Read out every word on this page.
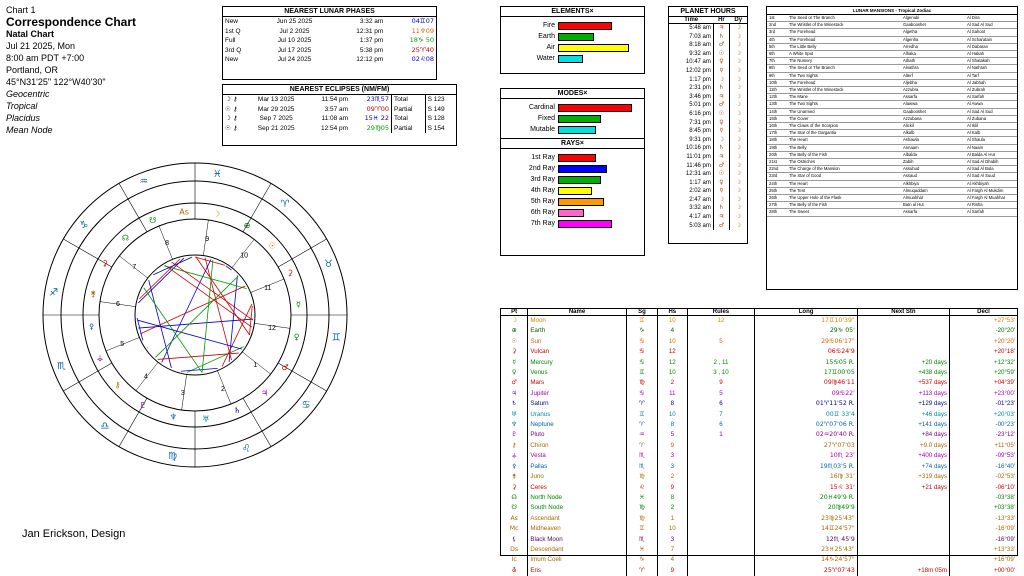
Chart 1
Correspondence Chart
Natal Chart
Jul 21 2025, Mon
8:00 am PDT +7:00
Portland, OR
45°N31'25" 122°W40'30"
Geocentric
Tropical
Placidus
Mean Node
Jan Erickson, Design
NEAREST LUNAR PHASES
New	Jun 25 2025	3:32 am	04♊07
1st Q	Jul 2 2025	12:31 pm	11♆09
Full	Jul 10 2025	1:37 pm	18♑ 50
3rd Q	Jul 17 2025	5:38 pm	25♈40
New	Jul 24 2025	12:12 pm	02♌08
NEAREST ECLIPSES (NM/FM)
☽ ⚷	Mar 13 2025	11:54 pm	23♏57	Total	S 123
☉ ⚷	Mar 29 2025	3:57 am	09♈00	Partial	S 149
☽ ⚷	Sep 7 2025	11:08 am	15♓ 22	Total	S 128
☉ ⚷	Sep 21 2025	12:54 pm	29♍05	Partial	S 154
ELEMENTS×
Fire
Earth
Air
Water
MODES×
Cardinal
Fixed
Mutable
RAYS×
1st Ray
2nd Ray
3rd Ray
4th Ray
5th Ray
6th Ray
7th Ray
PLANET HOURS
Time	Hr	Dy
5:48 am	♃	☽
7:03 am	♄	☽
8:18 am	♂	☽
9:32 am	☉	☽
10:47 am	♀	☽
12:02 pm	☿	☽
1:17 pm	☽	☽
2:31 pm	♄	☽
3:46 pm	♃	☽
5:01 pm	♂	☽
6:16 pm	☉	☽
7:31 pm	♀	☽
8:45 pm	☿	☽
9:31 pm	☽	☽
10:16 pm	♄	☽
11:01 pm	♃	☽
11:46 pm	♂	☽
12:31 am	☉	☽
1:17 am	♀	☽
2:02 am	☿	☽
2:47 am	☽	☽
3:32 am	♄	☽
4:17 am	♃	☽
5:03 am	♂	☽
LUNAR MANSIONS - Tropical Zodiac
1st	The Seed or The Branch	Algenubi	Al Dira
2nd	The Wristlet of the Winestock	Gaabooshet	Al Sad Al Sud
3rd	The Forehead	Algetha	Al Sahoot
4th	The Forehead	Algenha	Al Scharatain
5th	The Little Belly	Arredha	Al Dabaran
6th	A White Spot	Alhaka	Al Hakah
7th	The Numery	Athath	Al Shatakah
8th	The Seed or The Branch	Alnathra	Al Nathrah
9th	The Two Sights	Alterf	Al Tarf
10th	The Forehead	Aljebha	Al Jabhah
11th	The Wristlet of the Winestock	Azzubra	Al Zubrah
12th	The Mane	Assarfa	Al Sarfah
13th	The Two Sights	Alawwa	Al Awwa
14th	The Unarmed	Gaabooshet	Al Sad Al Sud
15th	The Cover	Azzubana	Al Zubana
16th	The Claws of the Scorpion	Alickil	Al Iklil
17th	The Star of the Gargantia	Alkalb	Al Kalb
18th	The Heart	Ashawla	Al Shaula
19th	The Belly	Annaam	Al Naam
20th	The Belly of the Fish	Albalda	Al Balda Al Hut
21st	The Ostriches	Zabih	Al Sad Al Dhabih
22nd	The Charge of the Mansion	Assuhud	Al Sad Al Bula
23rd	The Star of Good	Assaud	Al Sad Al Suud
24th	The Heart	Alkhbiya	Al Akhbiyah
25th	The Tent	Almuqaddam	Al Fargh Al Mukdim
26th	The Upper Hole of the Flask	Almuahhar	Al Fargh Al Muahhar
27th	The Belly of the Fish	Batn al Hut	Al Risha
28th	The Sweet	Assarfa	Al Sarfah
Pt	Name	Sg	Hs	Rules	Long	Next Stn	Decl
☽	Moon	♊	10	12	17♊10'39"		+27°53'
⊕	Earth	♑	4		29♑ 05'		-20°20'
☉	Sun	♋	10	5	29♋06'17"		+20°20'
⚳	Vulcan	♋	12		06♋24'9		+20°18'
☿	Mercury	♋	12	2 , 11	15♋05 R.	+20 days	+12°32'
♀	Venus	♊	10	3 , 10	17♊00'05	+438 days	+20°59'
♂	Mars	♍	2	9	09♍46'11	+537 days	+04°39'
♃	Jupiter	♋	11	5	09♋22'	+113 days	+23°00'
♄	Saturn	♈	8	6	01♈11'52 R.	+129 days	-01°23'
♅	Uranus	♊	10	7	00♊ 33'4	+46 days	+20°03'
♆	Neptune	♈	8	6	02♈07'06 R.	+141 days	-00°23'
♇	Pluto	♒	5	1	02♒20'40 R.	+84 days	-23°12'
⚷	Chiron	♈	9		27♈07'03	+9.0 days	+11°05'
⚶	Vesta	♏	3		10♏ 23'	+400 days	-09°53'
⚴	Pallas	♏	3		19♏03'5 R.	+74 days	-16°40'
⚵	Juno	♍	2		16♍ 31'	+319 days	-02°53'
⚳	Ceres	♌	9		15♌ 31'	+21 days	-06°10'
☊	North Node	♓	8		20♓49'9 R.		-03°38'
☋	South Node	♍	2		20♍49'9		+03°38'
As	Ascendant	♍	1		23♍25'43"		-13°33'
Mc	Midheaven	♊	10		14♊24'57"		-16°09'
⚸	Black Moon	♏	3		12♏ 45'9		-16°09'
Ds	Descendant	♓	7		23♓25'43"		+13°33'
Ic	Imum Coeli	♑	4		14♑24'57"		+16°09'
⛢	Eris	♈	9		25♈07'43	+18m 05m	+00°00'
♈
♉
♊
♋
♌
♍
♎
♏
♐
♑
♒
♓
10
11
12
1
2
3
4
5
6
7
8
9
☽
⊕
☉
⚳
☿
♀
♂
♃
♄
♅
♆
♇
⚷
⚶
⚴
⚵
⚳
☊
☋
As
